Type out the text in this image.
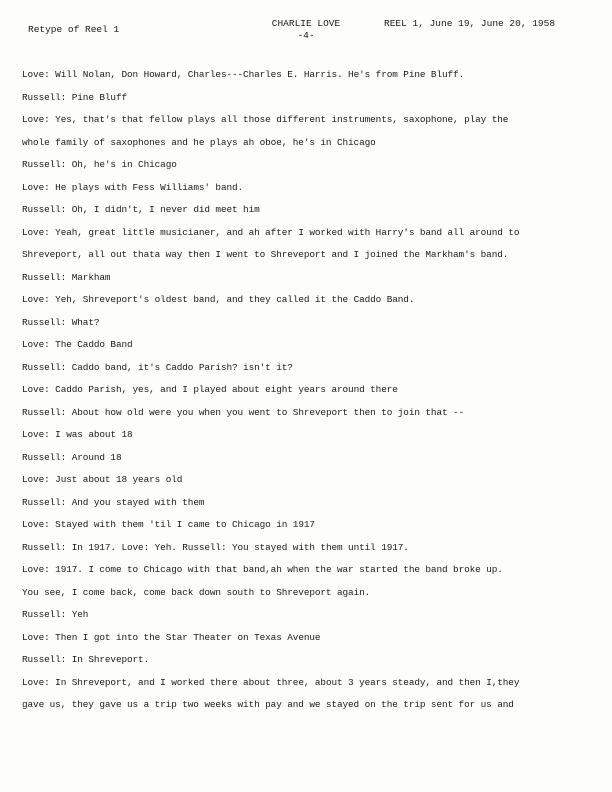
Retype of Reel 1
CHARLIE LOVE
-4-
REEL 1, June 19, June 20, 1958
Love: Will Nolan, Don Howard, Charles---Charles E. Harris. He's from Pine Bluff.
Russell: Pine Bluff
Love: Yes, that's that fellow plays all those different instruments, saxophone, play the
whole family of saxophones and he plays ah oboe, he's in Chicago
Russell: Oh, he's in Chicago
Love: He plays with Fess Williams' band.
Russell: Oh, I didn't, I never did meet him
Love: Yeah, great little musicianer, and ah after I worked with Harry's band all around to
Shreveport, all out thata way then I went to Shreveport and I joined the Markham's band.
Russell: Markham
Love: Yeh, Shreveport's oldest band, and they called it the Caddo Band.
Russell: What?
Love: The Caddo Band
Russell: Caddo band, it's Caddo Parish? isn't it?
Love: Caddo Parish, yes, and I played about eight years around there
Russell: About how old were you when you went to Shreveport then to join that --
Love: I was about 18
Russell: Around 18
Love: Just about 18 years old
Russell: And you stayed with them
Love: Stayed with them 'til I came to Chicago in 1917
Russell: In 1917. Love: Yeh. Russell: You stayed with them until 1917.
Love: 1917. I come to Chicago with that band,ah when the war started the band broke up.
You see, I come back, come back down south to Shreveport again.
Russell: Yeh
Love: Then I got into the Star Theater on Texas Avenue
Russell: In Shreveport.
Love: In Shreveport, and I worked there about three, about 3 years steady, and then I,they
gave us, they gave us a trip two weeks with pay and we stayed on the trip sent for us and
